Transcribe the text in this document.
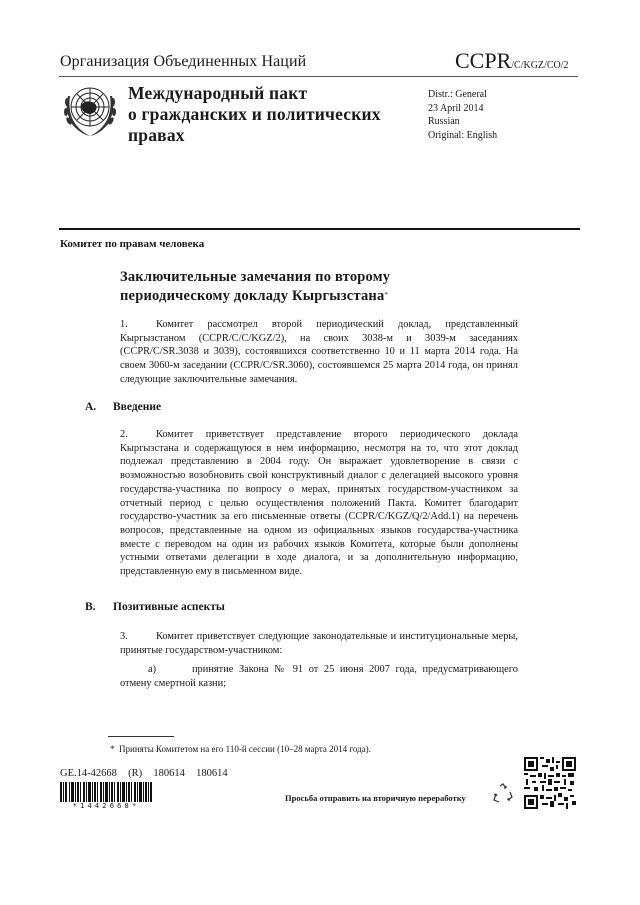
Организация Объединенных Наций	CCPR/C/KGZ/CO/2
Международный пакт
о гражданских и политических
правах
Distr.: General
23 April 2014
Russian
Original: English
Комитет по правам человека
Заключительные замечания по второму
периодическому докладу Кыргызстана*
1.	Комитет рассмотрел второй периодический доклад, представленный Кыргызстаном (CCPR/C/C/KGZ/2), на своих 3038-м и 3039-м заседаниях (CCPR/C/SR.3038 и 3039), состоявшихся соответственно 10 и 11 марта 2014 года. На своем 3060-м заседании (CCPR/C/SR.3060), состоявшемся 25 марта 2014 года, он принял следующие заключительные замечания.
A. Введение
2.	Комитет приветствует представление второго периодического доклада Кыргызстана и содержащуюся в нем информацию, несмотря на то, что этот доклад подлежал представлению в 2004 году. Он выражает удовлетворение в связи с возможностью возобновить свой конструктивный диалог с делегацией высокого уровня государства-участника по вопросу о мерах, принятых государством-участником за отчетный период с целью осуществления положений Пакта. Комитет благодарит государство-участник за его письменные ответы (CCPR/C/KGZ/Q/2/Add.1) на перечень вопросов, представленные на одном из официальных языков государства-участника вместе с переводом на один из рабочих языков Комитета, которые были дополнены устными ответами делегации в ходе диалога, и за дополнительную информацию, представленную ему в письменном виде.
B. Позитивные аспекты
3.	Комитет приветствует следующие законодательные и институциональные меры, принятые государством-участником:
a)	принятие Закона № 91 от 25 июня 2007 года, предусматривающего отмену смертной казни;
* Приняты Комитетом на его 110-й сессии (10–28 марта 2014 года).
GE.14-42668  (R)  180614  180614
*1442668*
Просьба отправить на вторичную переработку
